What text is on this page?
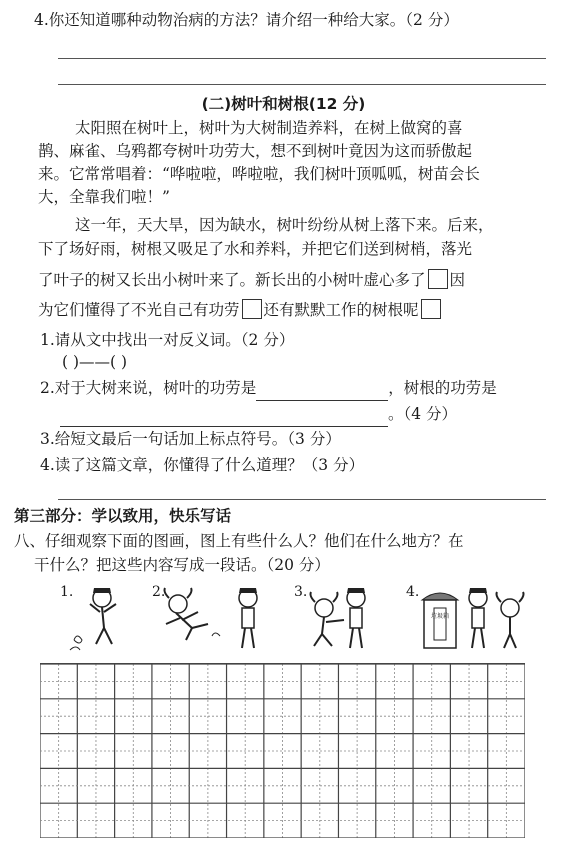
4.你还知道哪种动物治病的方法？请介绍一种给大家。（2 分）
(二)树叶和树根(12 分)
太阳照在树叶上，树叶为大树制造养料，在树上做窝的喜
鹊、麻雀、乌鸦都夸树叶功劳大，想不到树叶竟因为这而骄傲起
来。它常常唱着：“哗啦啦，哗啦啦，我们树叶顶呱呱，树苗会长
大，全靠我们啦！”
这一年，天大旱，因为缺水，树叶纷纷从树上落下来。后来，
下了场好雨，树根又吸足了水和养料，并把它们送到树梢，落光
了叶子的树又长出小树叶来了。新长出的小树叶虚心多了 因
为它们懂得了不光自己有功劳 还有默默工作的树根呢
1.请从文中找出一对反义词。（2 分）
( )——( )
2.对于大树来说，树叶的功劳是	，树根的功劳是
。（4 分）
3.给短文最后一句话加上标点符号。（3 分）
4.读了这篇文章，你懂得了什么道理？（3 分）
第三部分：学以致用，快乐写话
八、仔细观察下面的图画，图上有些什么人？他们在什么地方？在
干什么？把这些内容写成一段话。（20 分）
1.	2.	3.	4.
垃圾箱
